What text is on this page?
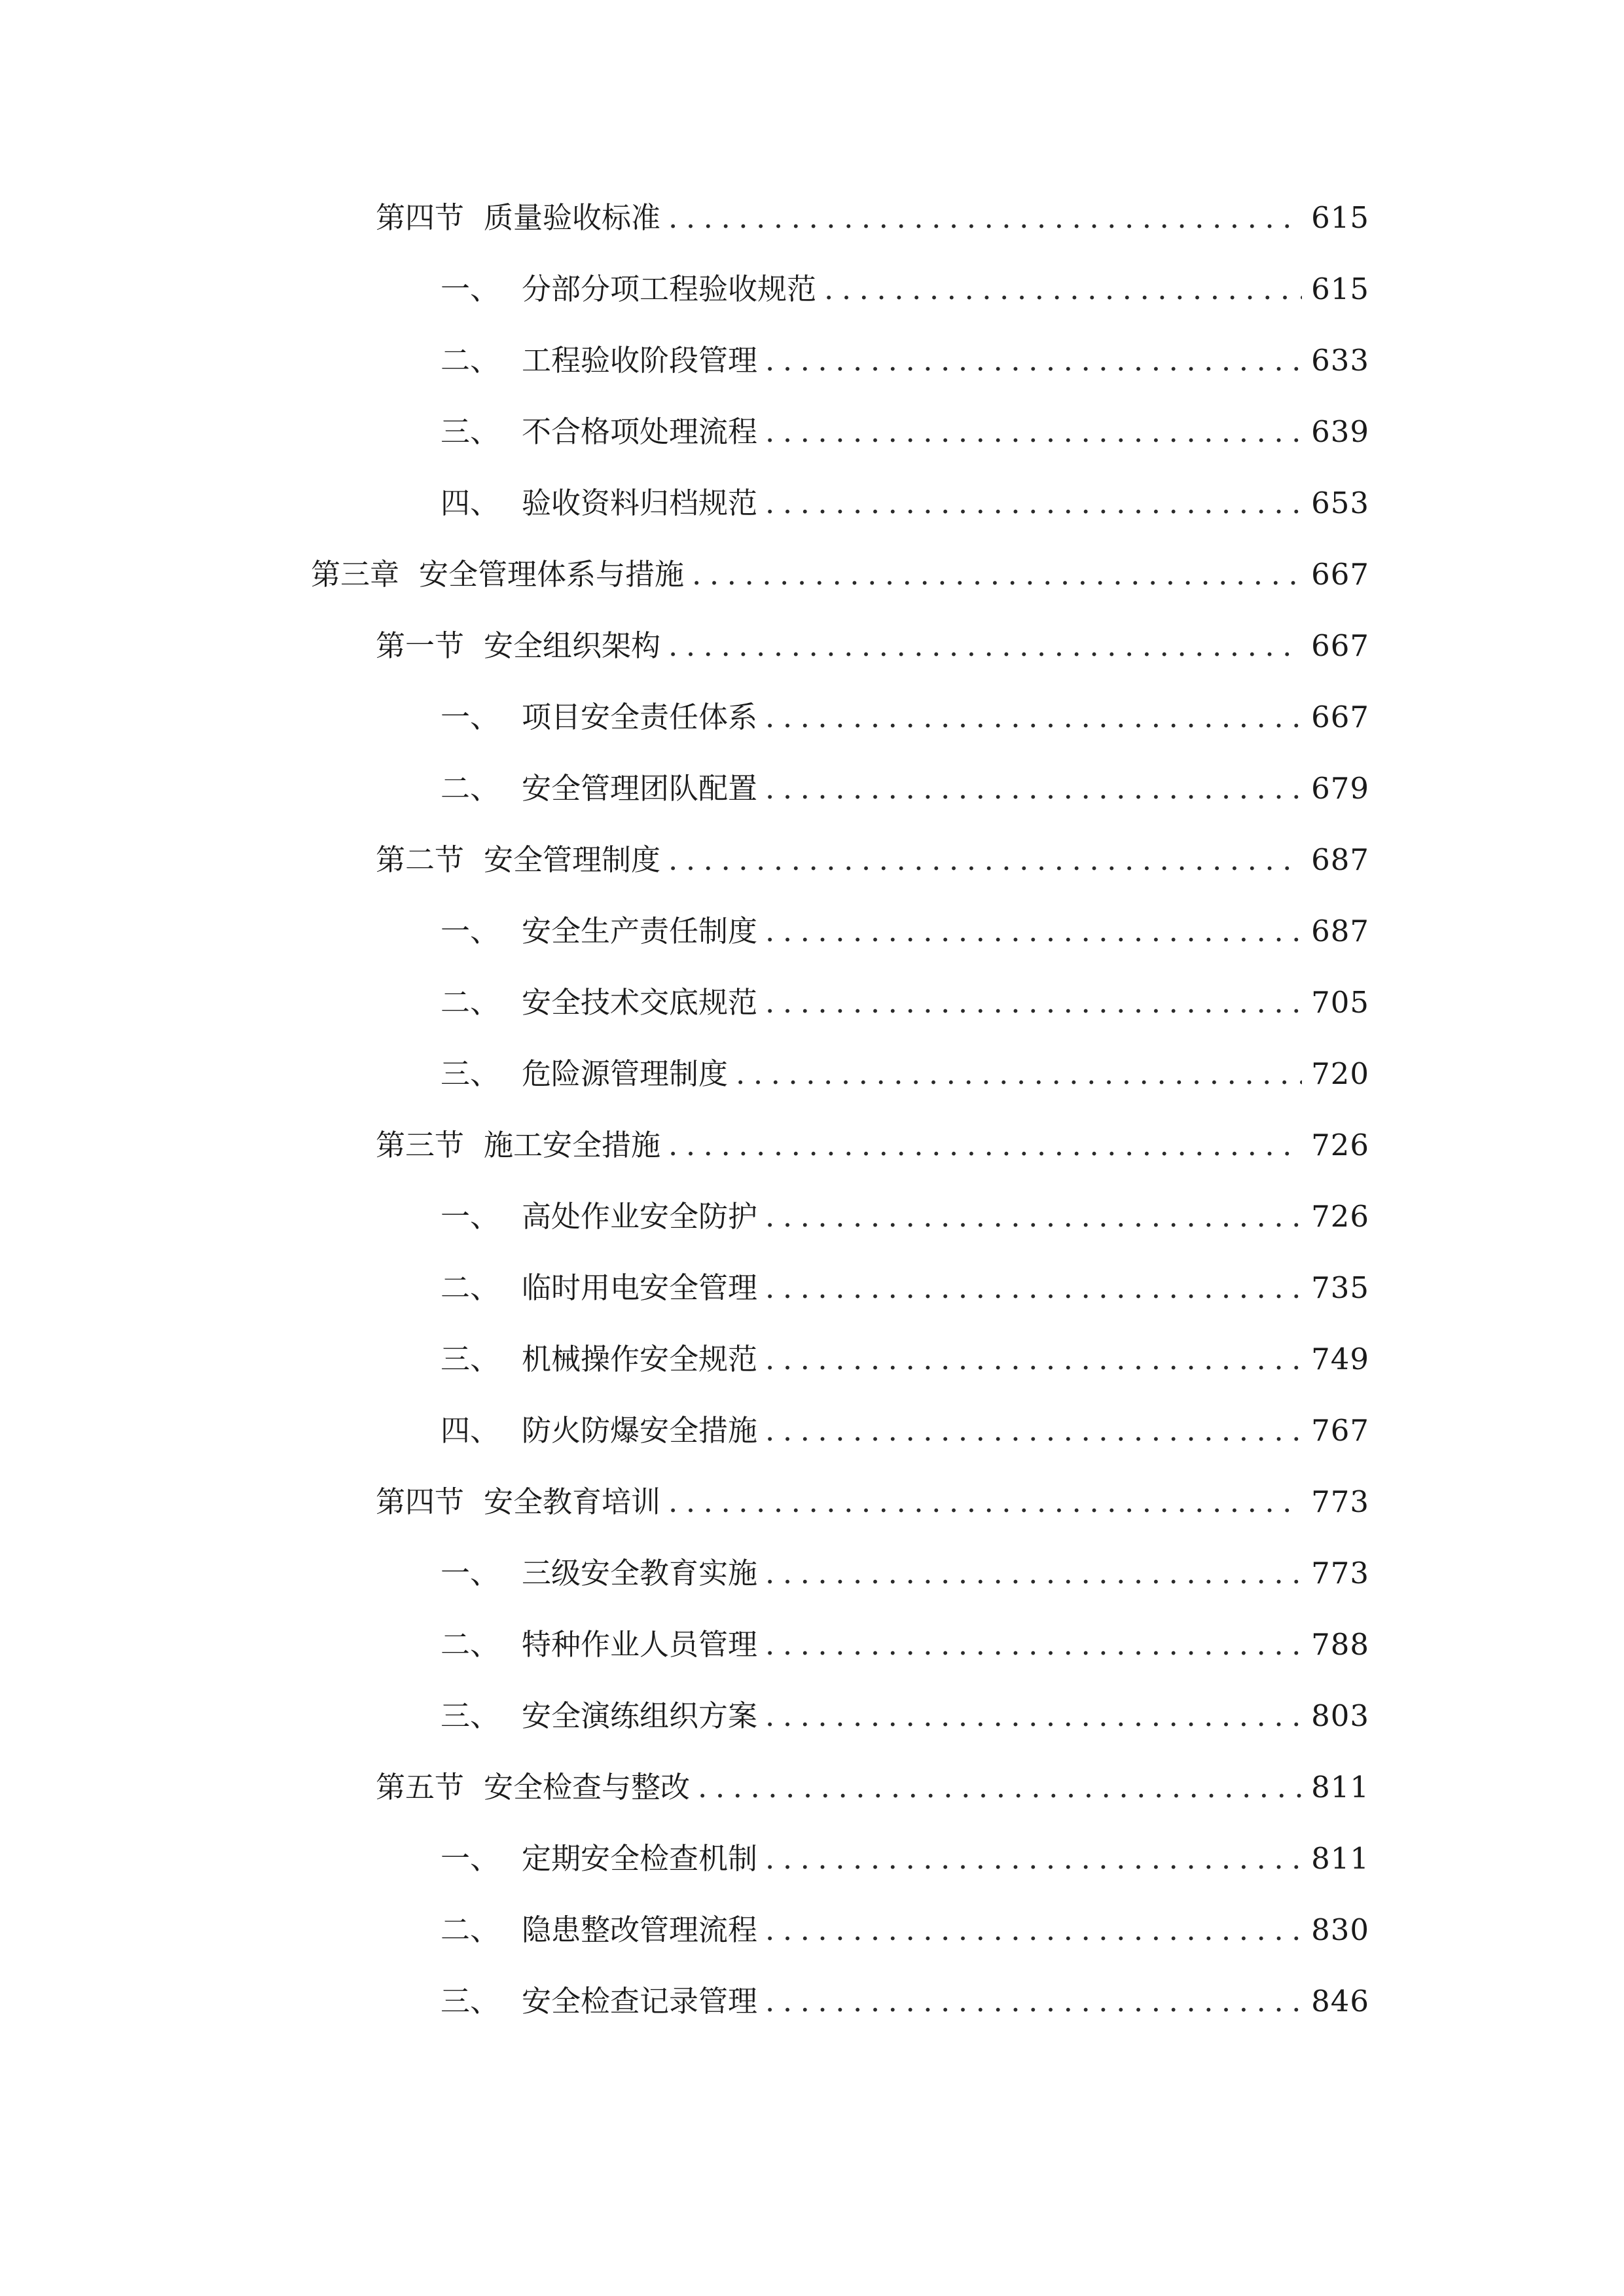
第四节 质量验收标准 .....	615
一、 分部分项工程验收规范 .....	615
二、 工程验收阶段管理 .....	633
三、 不合格项处理流程 .....	639
四、 验收资料归档规范 .....	653
第三章 安全管理体系与措施 .....	667
第一节 安全组织架构 .....	667
一、 项目安全责任体系 .....	667
二、 安全管理团队配置 .....	679
第二节 安全管理制度 .....	687
一、 安全生产责任制度 .....	687
二、 安全技术交底规范 .....	705
三、 危险源管理制度 .....	720
第三节 施工安全措施 .....	726
一、 高处作业安全防护 .....	726
二、 临时用电安全管理 .....	735
三、 机械操作安全规范 .....	749
四、 防火防爆安全措施 .....	767
第四节 安全教育培训 .....	773
一、 三级安全教育实施 .....	773
二、 特种作业人员管理 .....	788
三、 安全演练组织方案 .....	803
第五节 安全检查与整改 .....	811
一、 定期安全检查机制 .....	811
二、 隐患整改管理流程 .....	830
三、 安全检查记录管理 .....	846
